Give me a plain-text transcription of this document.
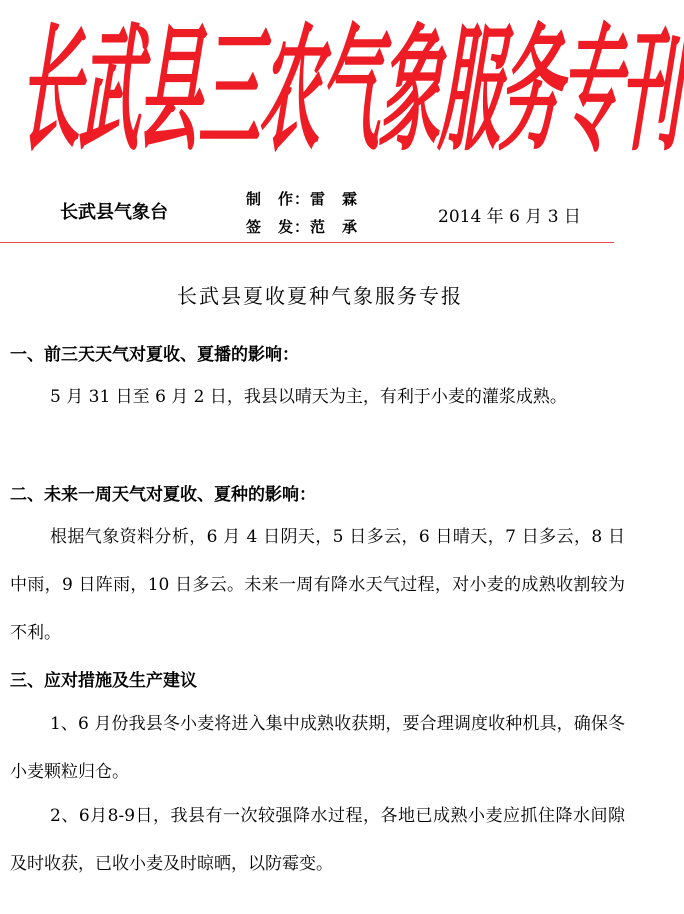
长
武
县
三
农
气
象
服
务
专
刊
长武县气象台
制　作：雷　霖
签　发：范　承	2014 年 6 月 3 日
长武县夏收夏种气象服务专报
一、前三天天气对夏收、夏播的影响：
5 月 31 日至 6 月 2 日，我县以晴天为主，有利于小麦的灌浆成熟。
二、未来一周天气对夏收、夏种的影响：
根据气象资料分析，6 月 4 日阴天，5 日多云，6 日晴天，7 日多云，8 日中雨，9 日阵雨，10 日多云。未来一周有降水天气过程，对小麦的成熟收割较为不利。
三、应对措施及生产建议
1、6 月份我县冬小麦将进入集中成熟收获期，要合理调度收种机具，确保冬小麦颗粒归仓。
2、6月8-9日，我县有一次较强降水过程，各地已成熟小麦应抓住降水间隙及时收获，已收小麦及时晾晒，以防霉变。
